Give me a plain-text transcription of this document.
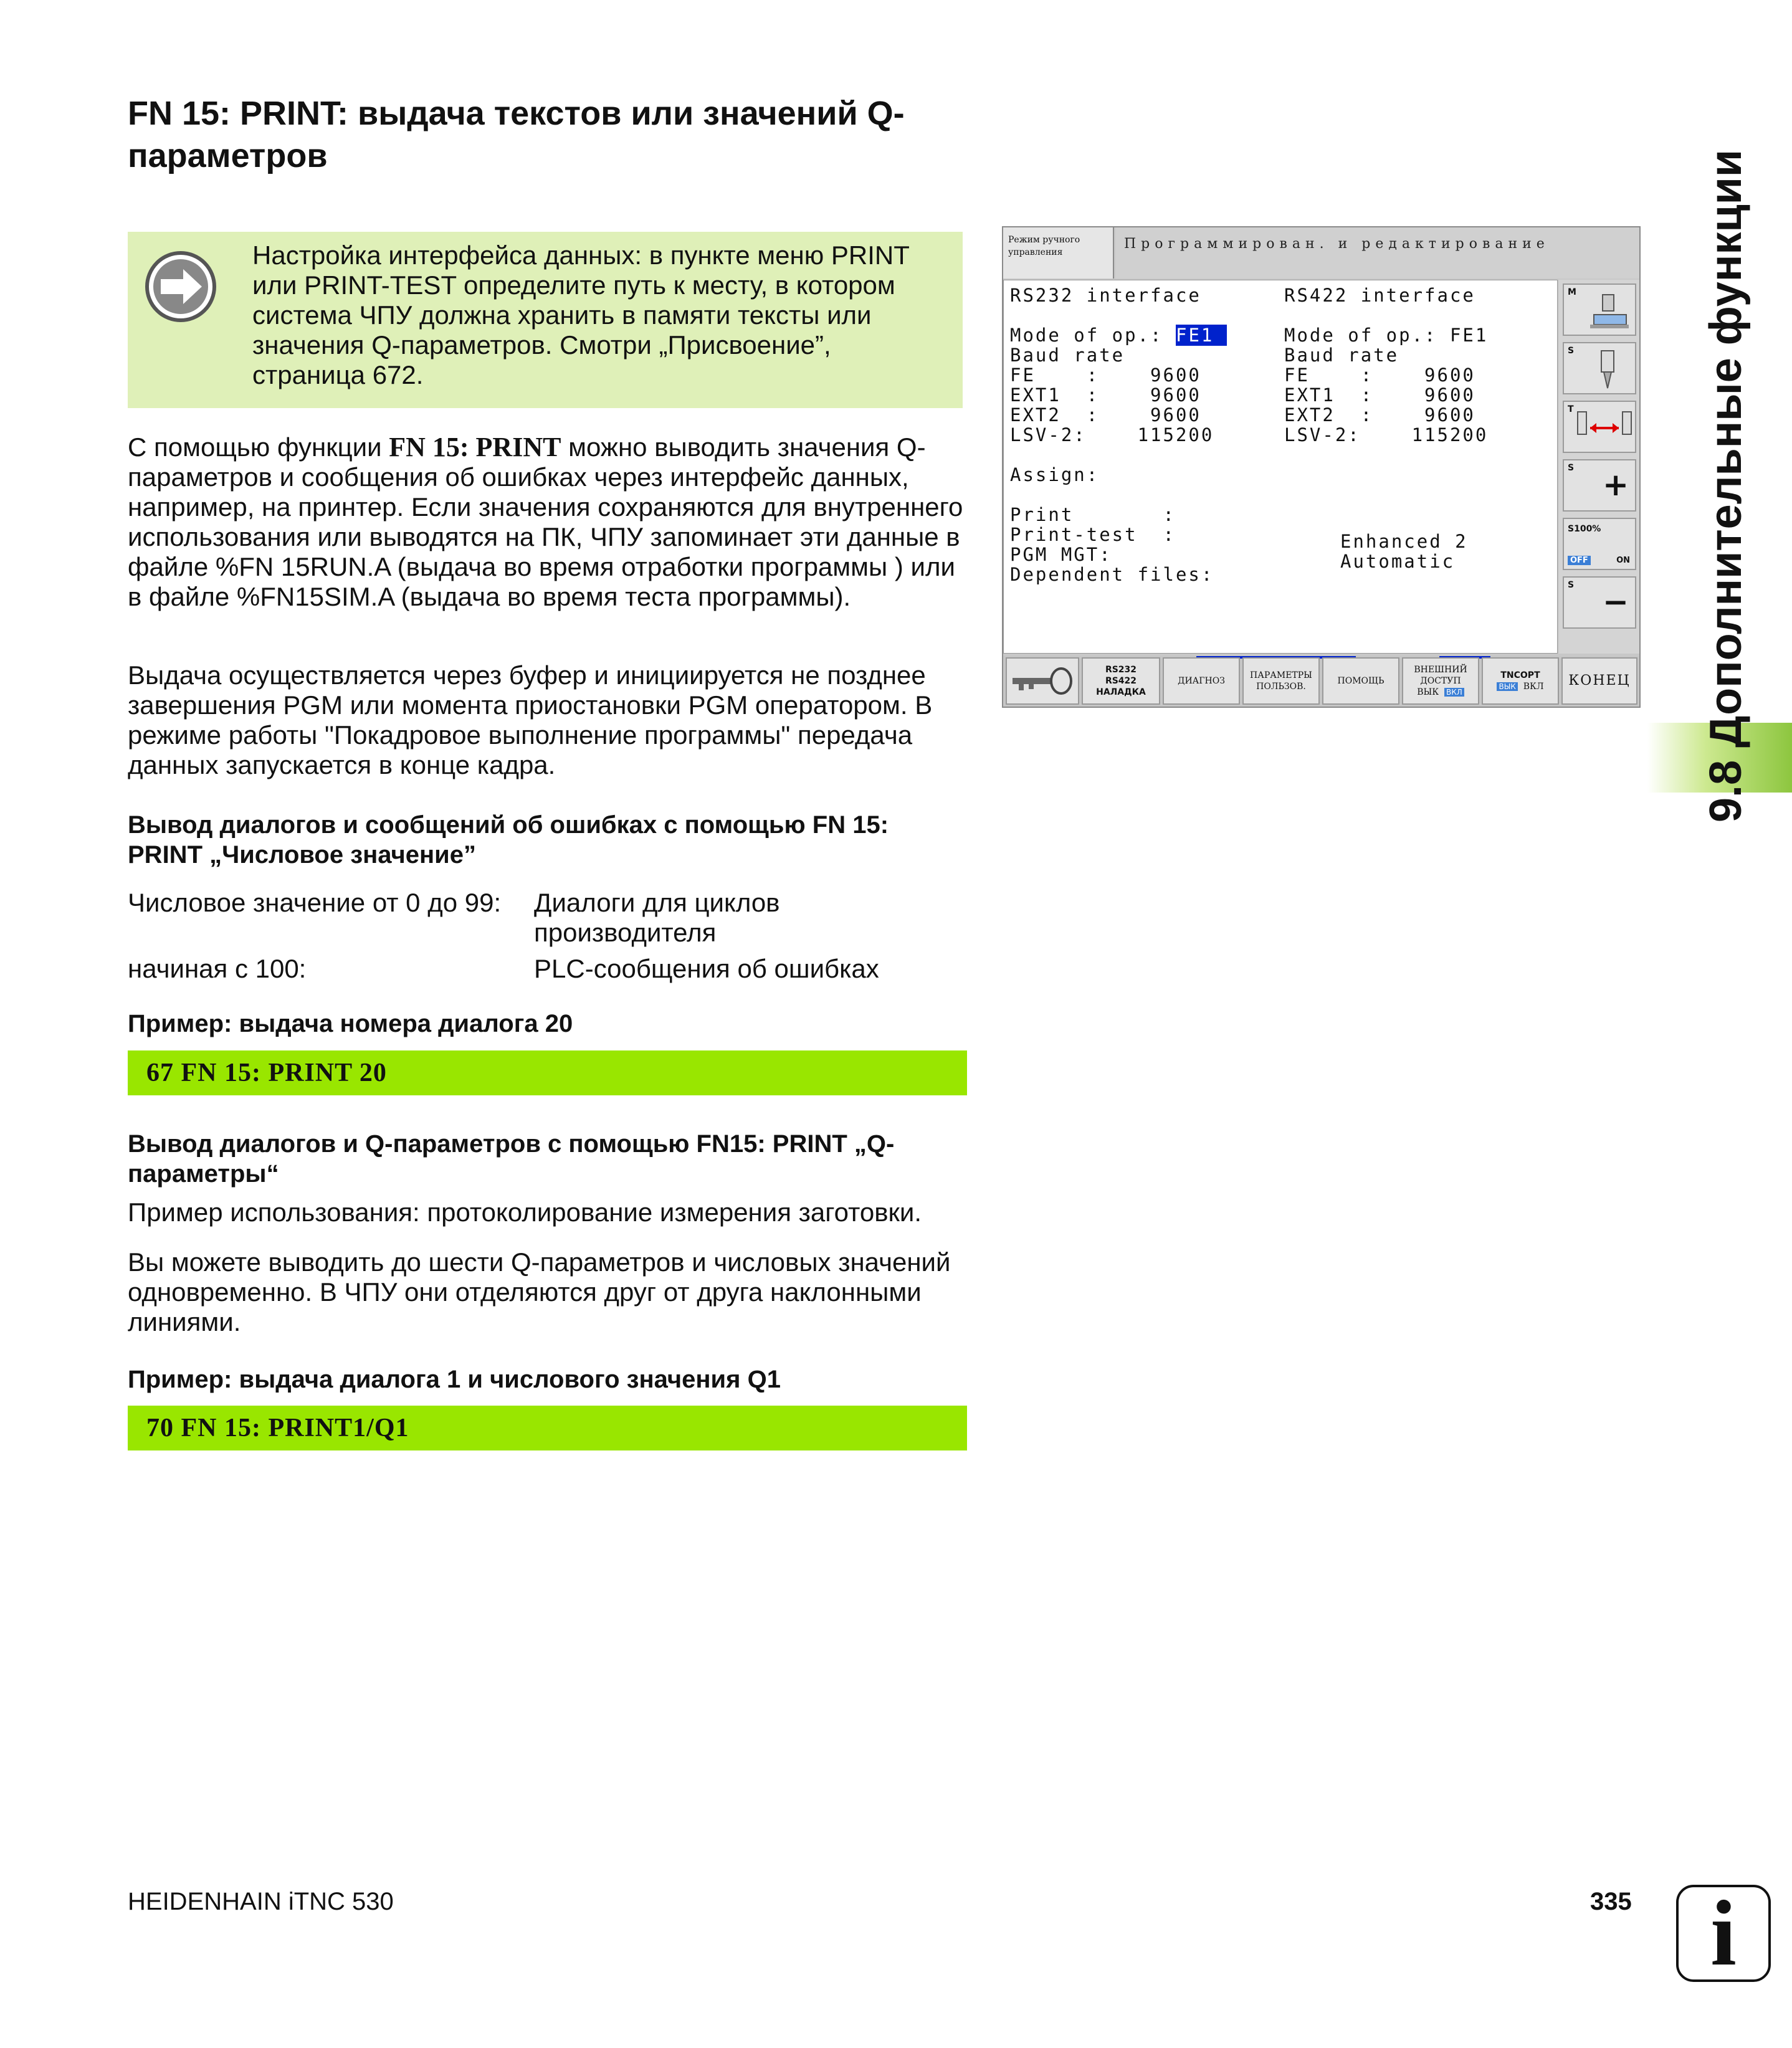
FN 15: PRINT: выдача текстов или значений Q-параметров
Настройка интерфейса данных: в пункте меню PRINT или PRINT-TEST определите путь к месту, в котором система ЧПУ должна хранить в памяти тексты или значения Q-параметров. Смотри „Присвоение”, страница 672.
С помощью функции FN 15: PRINT можно выводить значения Q-параметров и сообщения об ошибках через интерфейс данных, например, на принтер. Если значения сохраняются для внутреннего использования или выводятся на ПК, ЧПУ запоминает эти данные в файле %FN 15RUN.A (выдача во время отработки программы ) или в файле %FN15SIM.A (выдача во время теста программы).
Выдача осуществляется через буфер и инициируется не позднее завершения PGM или момента приостановки PGM оператором. В режиме работы "Покадровое выполнение программы" передача данных запускается в конце кадра.
Вывод диалогов и сообщений об ошибках с помощью FN 15: PRINT „Числовое значение”
Числовое значение от 0 до 99:	Диалоги для циклов производителя
начиная с 100:	PLC-сообщения об ошибках
Пример: выдача номера диалога 20
67 FN 15: PRINT 20
Вывод диалогов и Q-параметров с помощью FN15: PRINT „Q-параметры“
Пример использования: протоколирование измерения заготовки.
Вы можете выводить до шести Q-параметров и числовых значений одновременно. В ЧПУ они отделяются друг от друга наклонными линиями.
Пример: выдача диалога 1 и числового значения Q1
70 FN 15: PRINT1/Q1
Режим ручного управления
Программирован. и редактирование
RS232 interface
Mode of op.: FE1
Baud rate
FE    :    9600
EXT1  :    9600
EXT2  :    9600
LSV-2:    115200

Assign:

Print       :
Print-test  :
PGM MGT:
Dependent files:
RS422 interface
Mode of op.: FE1
Baud rate
FE    :    9600
EXT1  :    9600
EXT2  :    9600
LSV-2:    115200
Enhanced 2
Automatic
M
S
T
S +
S100%
OFF	ON
S −
RS232
RS422
НАЛАДКА
ДИАГНОЗ
ПАРАМЕТРЫ
ПОЛЬЗОВ.
ПОМОЩЬ
ВНЕШНИЙ
ДОСТУП
ВЫК ВКЛ
TNCOPT
ВЫК ВКЛ	КОНЕЦ 9.8 Дополнительные функции
HEIDENHAIN iTNC 530	335 i
